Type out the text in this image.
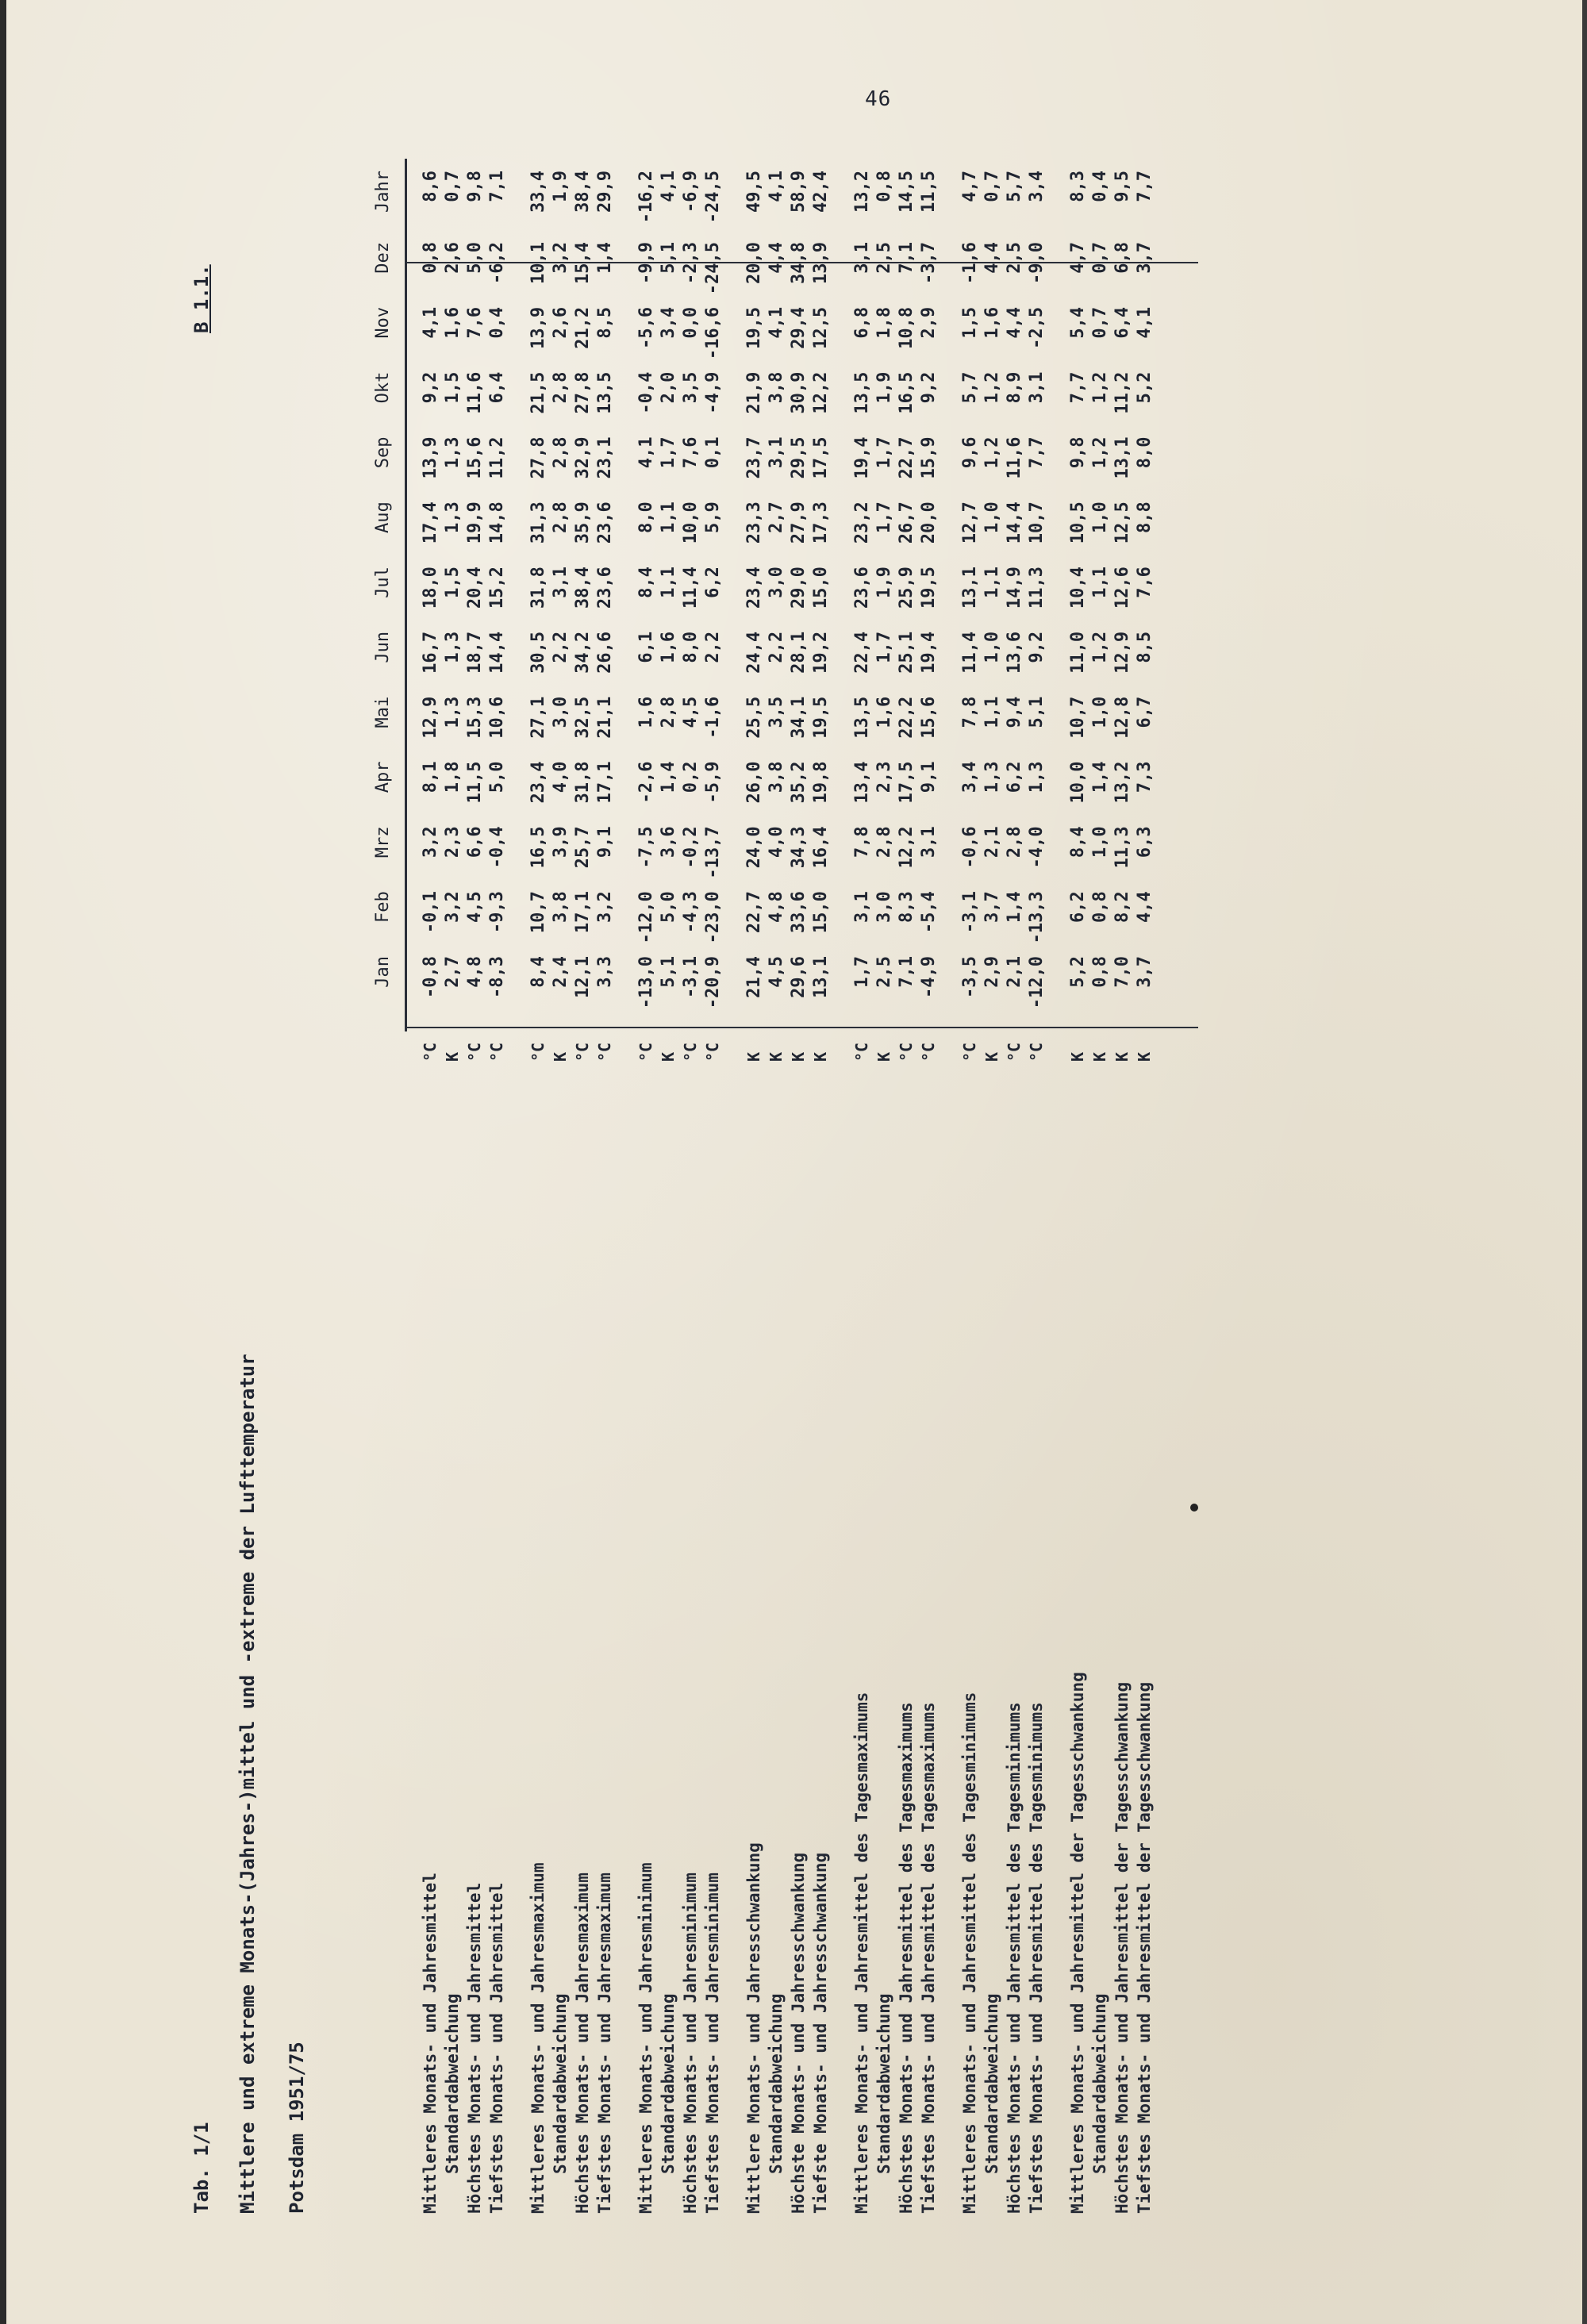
46
Tab. 1/1 Mittlere und extreme Monats-(Jahres-)mittel und -extreme der Lufttemperatur Potsdam 1951/75
B 1.1.
Jan
Feb
Mrz
Apr
Mai
Jun
Jul
Aug
Sep
Okt
Nov
Dez
Jahr
Mittleres Monats- und Jahresmittel
°C
-0,8
-0,1
3,2
8,1
12,9
16,7
18,0
17,4
13,9
9,2
4,1
0,8
8,6
Standardabweichung
K
2,7
3,2
2,3
1,8
1,3
1,3
1,5
1,3
1,3
1,5
1,6
2,6
0,7
Höchstes Monats- und Jahresmittel
°C
4,8
4,5
6,6
11,5
15,3
18,7
20,4
19,9
15,6
11,6
7,6
5,0
9,8
Tiefstes Monats- und Jahresmittel
°C
-8,3
-9,3
-0,4
5,0
10,6
14,4
15,2
14,8
11,2
6,4
0,4
-6,2
7,1
Mittleres Monats- und Jahresmaximum
°C
8,4
10,7
16,5
23,4
27,1
30,5
31,8
31,3
27,8
21,5
13,9
10,1
33,4
Standardabweichung
K
2,4
3,8
3,9
4,0
3,0
2,2
3,1
2,8
2,8
2,8
2,6
3,2
1,9
Höchstes Monats- und Jahresmaximum
°C
12,1
17,1
25,7
31,8
32,5
34,2
38,4
35,9
32,9
27,8
21,2
15,4
38,4
Tiefstes Monats- und Jahresmaximum
°C
3,3
3,2
9,1
17,1
21,1
26,6
23,6
23,6
23,1
13,5
8,5
1,4
29,9
Mittleres Monats- und Jahresminimum
°C
-13,0
-12,0
-7,5
-2,6
1,6
6,1
8,4
8,0
4,1
-0,4
-5,6
-9,9
-16,2
Standardabweichung
K
5,1
5,0
3,6
1,4
2,8
1,6
1,1
1,1
1,7
2,0
3,4
5,1
4,1
Höchstes Monats- und Jahresminimum
°C
-3,1
-4,3
-0,2
0,2
4,5
8,0
11,4
10,0
7,6
3,5
0,0
-2,3
-6,9
Tiefstes Monats- und Jahresminimum
°C
-20,9
-23,0
-13,7
-5,9
-1,6
2,2
6,2
5,9
0,1
-4,9
-16,6
-24,5
-24,5
Mittlere Monats- und Jahresschwankung
K
21,4
22,7
24,0
26,0
25,5
24,4
23,4
23,3
23,7
21,9
19,5
20,0
49,5
Standardabweichung
K
4,5
4,8
4,0
3,8
3,5
2,2
3,0
2,7
3,1
3,8
4,1
4,4
4,1
Höchste Monats- und Jahresschwankung
K
29,6
33,6
34,3
35,2
34,1
28,1
29,0
27,9
29,5
30,9
29,4
34,8
58,9
Tiefste Monats- und Jahresschwankung
K
13,1
15,0
16,4
19,8
19,5
19,2
15,0
17,3
17,5
12,2
12,5
13,9
42,4
Mittleres Monats- und Jahresmittel des Tagesmaximums
°C
1,7
3,1
7,8
13,4
13,5
22,4
23,6
23,2
19,4
13,5
6,8
3,1
13,2
Standardabweichung
K
2,5
3,0
2,8
2,3
1,6
1,7
1,9
1,7
1,7
1,9
1,8
2,5
0,8
Höchstes Monats- und Jahresmittel des Tagesmaximums
°C
7,1
8,3
12,2
17,5
22,2
25,1
25,9
26,7
22,7
16,5
10,8
7,1
14,5
Tiefstes Monats- und Jahresmittel des Tagesmaximums
°C
-4,9
-5,4
3,1
9,1
15,6
19,4
19,5
20,0
15,9
9,2
2,9
-3,7
11,5
Mittleres Monats- und Jahresmittel des Tagesminimums
°C
-3,5
-3,1
-0,6
3,4
7,8
11,4
13,1
12,7
9,6
5,7
1,5
-1,6
4,7
Standardabweichung
K
2,9
3,7
2,1
1,3
1,1
1,0
1,1
1,0
1,2
1,2
1,6
4,4
0,7
Höchstes Monats- und Jahresmittel des Tagesminimums
°C
2,1
1,4
2,8
6,2
9,4
13,6
14,9
14,4
11,6
8,9
4,4
2,5
5,7
Tiefstes Monats- und Jahresmittel des Tagesminimums
°C
-12,0
-13,3
-4,0
1,3
5,1
9,2
11,3
10,7
7,7
3,1
-2,5
-9,0
3,4
Mittleres Monats- und Jahresmittel der Tagesschwankung
K
5,2
6,2
8,4
10,0
10,7
11,0
10,4
10,5
9,8
7,7
5,4
4,7
8,3
Standardabweichung
K
0,8
0,8
1,0
1,4
1,0
1,2
1,1
1,0
1,2
1,2
0,7
0,7
0,4
Höchstes Monats- und Jahresmittel der Tagesschwankung
K
7,0
8,2
11,3
13,2
12,8
12,9
12,6
12,5
13,1
11,2
6,4
6,8
9,5
Tiefstes Monats- und Jahresmittel der Tagesschwankung
K
3,7
4,4
6,3
7,3
6,7
8,5
7,6
8,8
8,0
5,2
4,1
3,7
7,7
